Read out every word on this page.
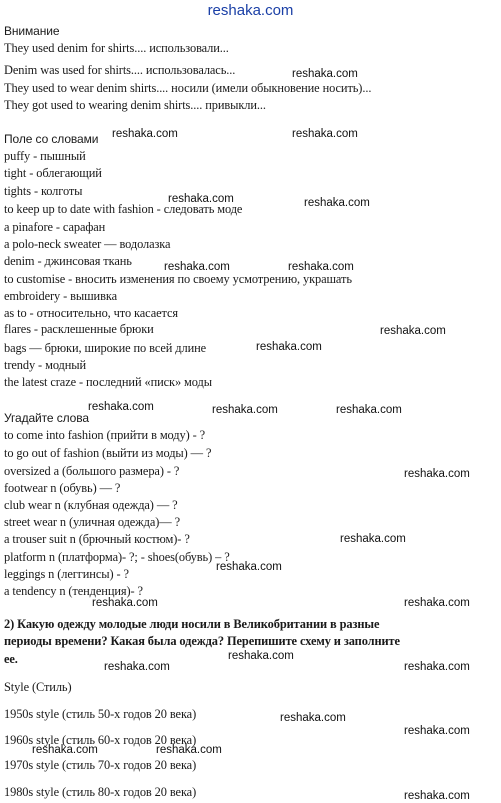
reshaka.com
Внимание
They used denim for shirts.... использовали...
Denim was used for shirts.... использовалась...
They used to wear denim shirts.... носили (имели обыкновение носить)...
They got used to wearing denim shirts.... привыкли...
Поле со словами
puffy - пышный
tight - облегающий
tights - колготы
to keep up to date with fashion - следовать моде
a pinafore - сарафан
a polo-neck sweater — водолазка
denim - джинсовая ткань
to customise - вносить изменения по своему усмотрению, украшать
embroidery - вышивка
as to - относительно, что касается
flares - расклешенные брюки
bags — брюки, широкие по всей длине
trendy - модный
the latest craze - последний «писк» моды
Угадайте слова
to come into fashion (прийти в моду) - ?
to go out of fashion (выйти из моды) — ?
oversized a (большого размера) - ?
footwear n (обувь) — ?
club wear n (клубная одежда) — ?
street wear n (уличная одежда)— ?
a trouser suit n (брючный костюм)- ?
platform n (платформа)- ?; - shoes(обувь) – ?
leggings n (леггинсы) - ?
a tendency n (тенденция)- ?
2) Какую одежду молодые люди носили в Великобритании в разные
периоды времени? Какая была одежда? Перепишите схему и заполните
ее.
Style (Стиль)
1950s style (стиль 50-х годов 20 века)
1960s style (стиль 60-х годов 20 века)
1970s style (стиль 70-х годов 20 века)
1980s style (стиль 80-х годов 20 века)
reshaka.com
reshaka.com	reshaka.com
reshaka.com	reshaka.com
reshaka.com	reshaka.com
reshaka.com
reshaka.com
reshaka.com	reshaka.com	reshaka.com
reshaka.com
reshaka.com
reshaka.com
reshaka.com	reshaka.com
reshaka.com
reshaka.com
reshaka.com
reshaka.com
reshaka.com
reshaka.com	reshaka.com
reshaka.com
